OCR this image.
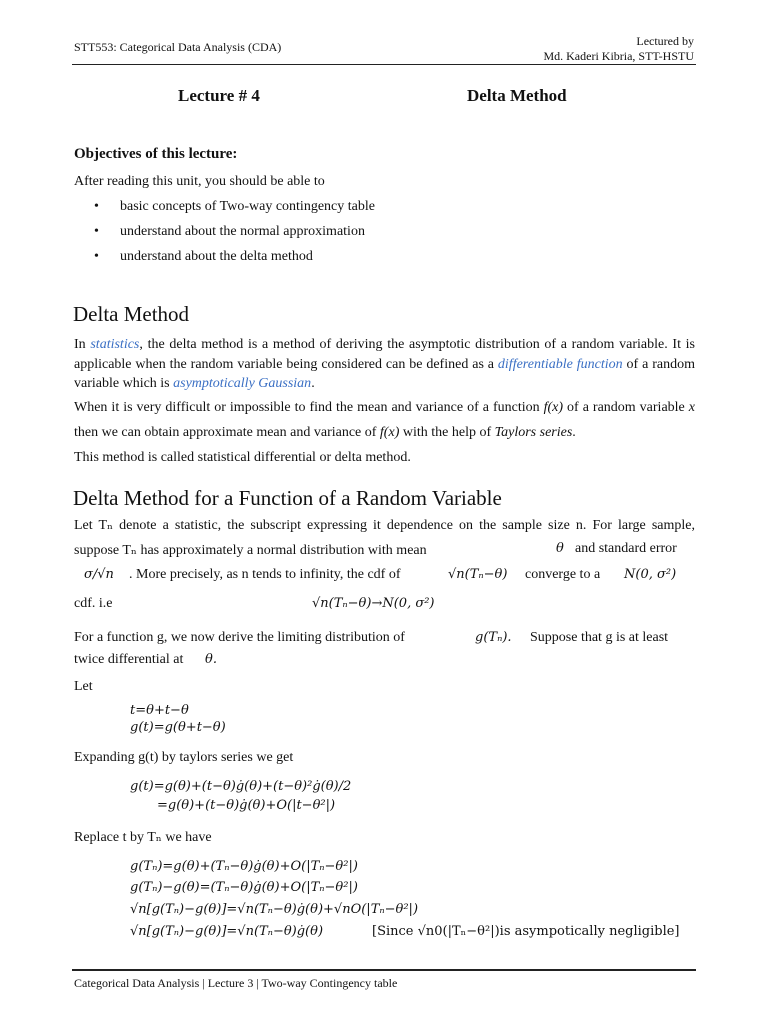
STT553: Categorical Data Analysis (CDA)	Lectured by
Md. Kaderi Kibria, STT-HSTU
Lecture # 4	Delta Method
Objectives of this lecture:
After reading this unit, you should be able to
•	basic concepts of Two-way contingency table
•	understand about the normal approximation
•	understand about the delta method
Delta Method
In statistics, the delta method is a method of deriving the asymptotic distribution of a random variable. It is applicable when the random variable being considered can be defined as a differentiable function of a random variable which is asymptotically Gaussian.
When it is very difficult or impossible to find the mean and variance of a function f(x) of a random variable x then we can obtain approximate mean and variance of f(x) with the help of Taylors series.
This method is called statistical differential or delta method.
Delta Method for a Function of a Random Variable
Let Tₙ denote a statistic, the subscript expressing it dependence on the sample size n. For large sample, suppose Tₙ has approximately a normal distribution with mean	θ and standard error
σ/√n . More precisely, as n tends to infinity, the cdf of	√n(Tₙ−θ) converge to a N(0, σ²)
cdf. i.e	√n(Tₙ−θ)→N(0, σ²)
For a function g, we now derive the limiting distribution of	g(Tₙ). Suppose that g is at least
twice differential at θ.
Let
t=θ+t−θ
g(t)=g(θ+t−θ)
Expanding g(t) by taylors series we get
g(t)=g(θ)+(t−θ)ġ(θ)+(t−θ)²ġ(θ)/2
=g(θ)+(t−θ)ġ(θ)+O(|t−θ²|)
Replace t by Tₙ we have
g(Tₙ)=g(θ)+(Tₙ−θ)ġ(θ)+O(|Tₙ−θ²|)
g(Tₙ)−g(θ)=(Tₙ−θ)ġ(θ)+O(|Tₙ−θ²|)
√n[g(Tₙ)−g(θ)]=√n(Tₙ−θ)ġ(θ)+√nO(|Tₙ−θ²|)
√n[g(Tₙ)−g(θ)]=√n(Tₙ−θ)ġ(θ)	[Since √n0(|Tₙ−θ²|)is asympotically negligible]
Categorical Data Analysis | Lecture 3 | Two-way Contingency table
